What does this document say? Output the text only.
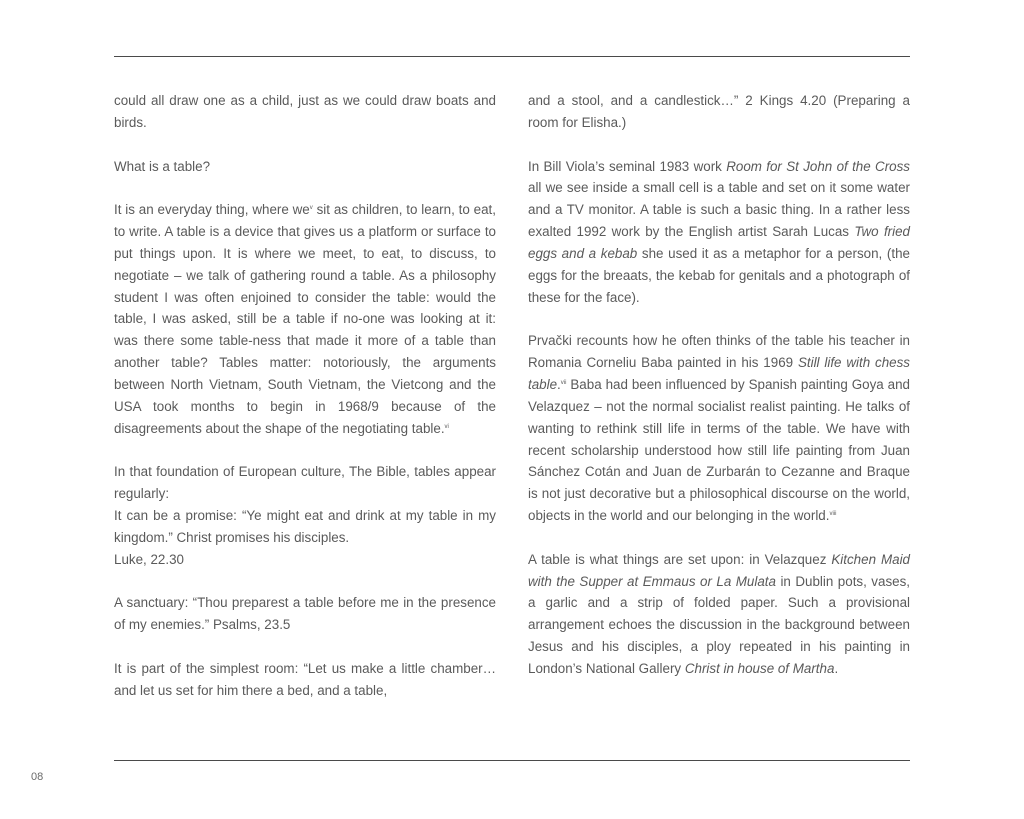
could all draw one as a child, just as we could draw boats and birds.

What is a table?

It is an everyday thing, where $we^v$ sit as children, to learn, to eat, to write. A table is a device that gives us a platform or surface to put things upon. It is where we meet, to eat, to discuss, to negotiate – we talk of gathering round a table. As a philosophy student I was often enjoined to consider the table: would the table, I was asked, still be a table if no-one was looking at it: was there some table-ness that made it more of a table than another table? Tables matter: notoriously, the arguments between North Vietnam, South Vietnam, the Vietcong and the USA took months to begin in 1968/9 because of the disagreements about the shape of the negotiating table.$^{vi}$

In that foundation of European culture, The Bible, tables appear regularly:

It can be a promise: “Ye might eat and drink at my table in my kingdom.” Christ promises his disciples.

Luke, 22.30

A sanctuary: “Thou preparest a table before me in the presence of my enemies.” Psalms, 23.5

It is part of the simplest room: “Let us make a little chamber… and let us set for him there a bed, and a table,

and a stool, and a candlestick…” 2 Kings 4.20 (Preparing a room for Elisha.)

In Bill Viola’s seminal 1983 work Room for St John of the Cross all we see inside a small cell is a table and set on it some water and a TV monitor. A table is such a basic thing. In a rather less exalted 1992 work by the English artist Sarah Lucas Two fried eggs and a kebab she used it as a metaphor for a person, (the eggs for the breaats, the kebab for genitals and a photograph of these for the face).

Prvački recounts how he often thinks of the table his teacher in Romania Corneliu Baba painted in his 1969 Still life with chess table.$^{vii}$ Baba had been influenced by Spanish painting Goya and Velazquez – not the normal socialist realist painting. He talks of wanting to rethink still life in terms of the table. We have with recent scholarship understood how still life painting from Juan Sánchez Cotán and Juan de Zurbarán to Cezanne and Braque is not just decorative but a philosophical discourse on the world, objects in the world and our belonging in the world.$^{viii}$

A table is what things are set upon: in Velazquez Kitchen Maid with the Supper at Emmaus or La Mulata in Dublin pots, vases, a garlic and a strip of folded paper. Such a provisional arrangement echoes the discussion in the background between Jesus and his disciples, a ploy repeated in his painting in London’s National Gallery Christ in house of Martha.

08
